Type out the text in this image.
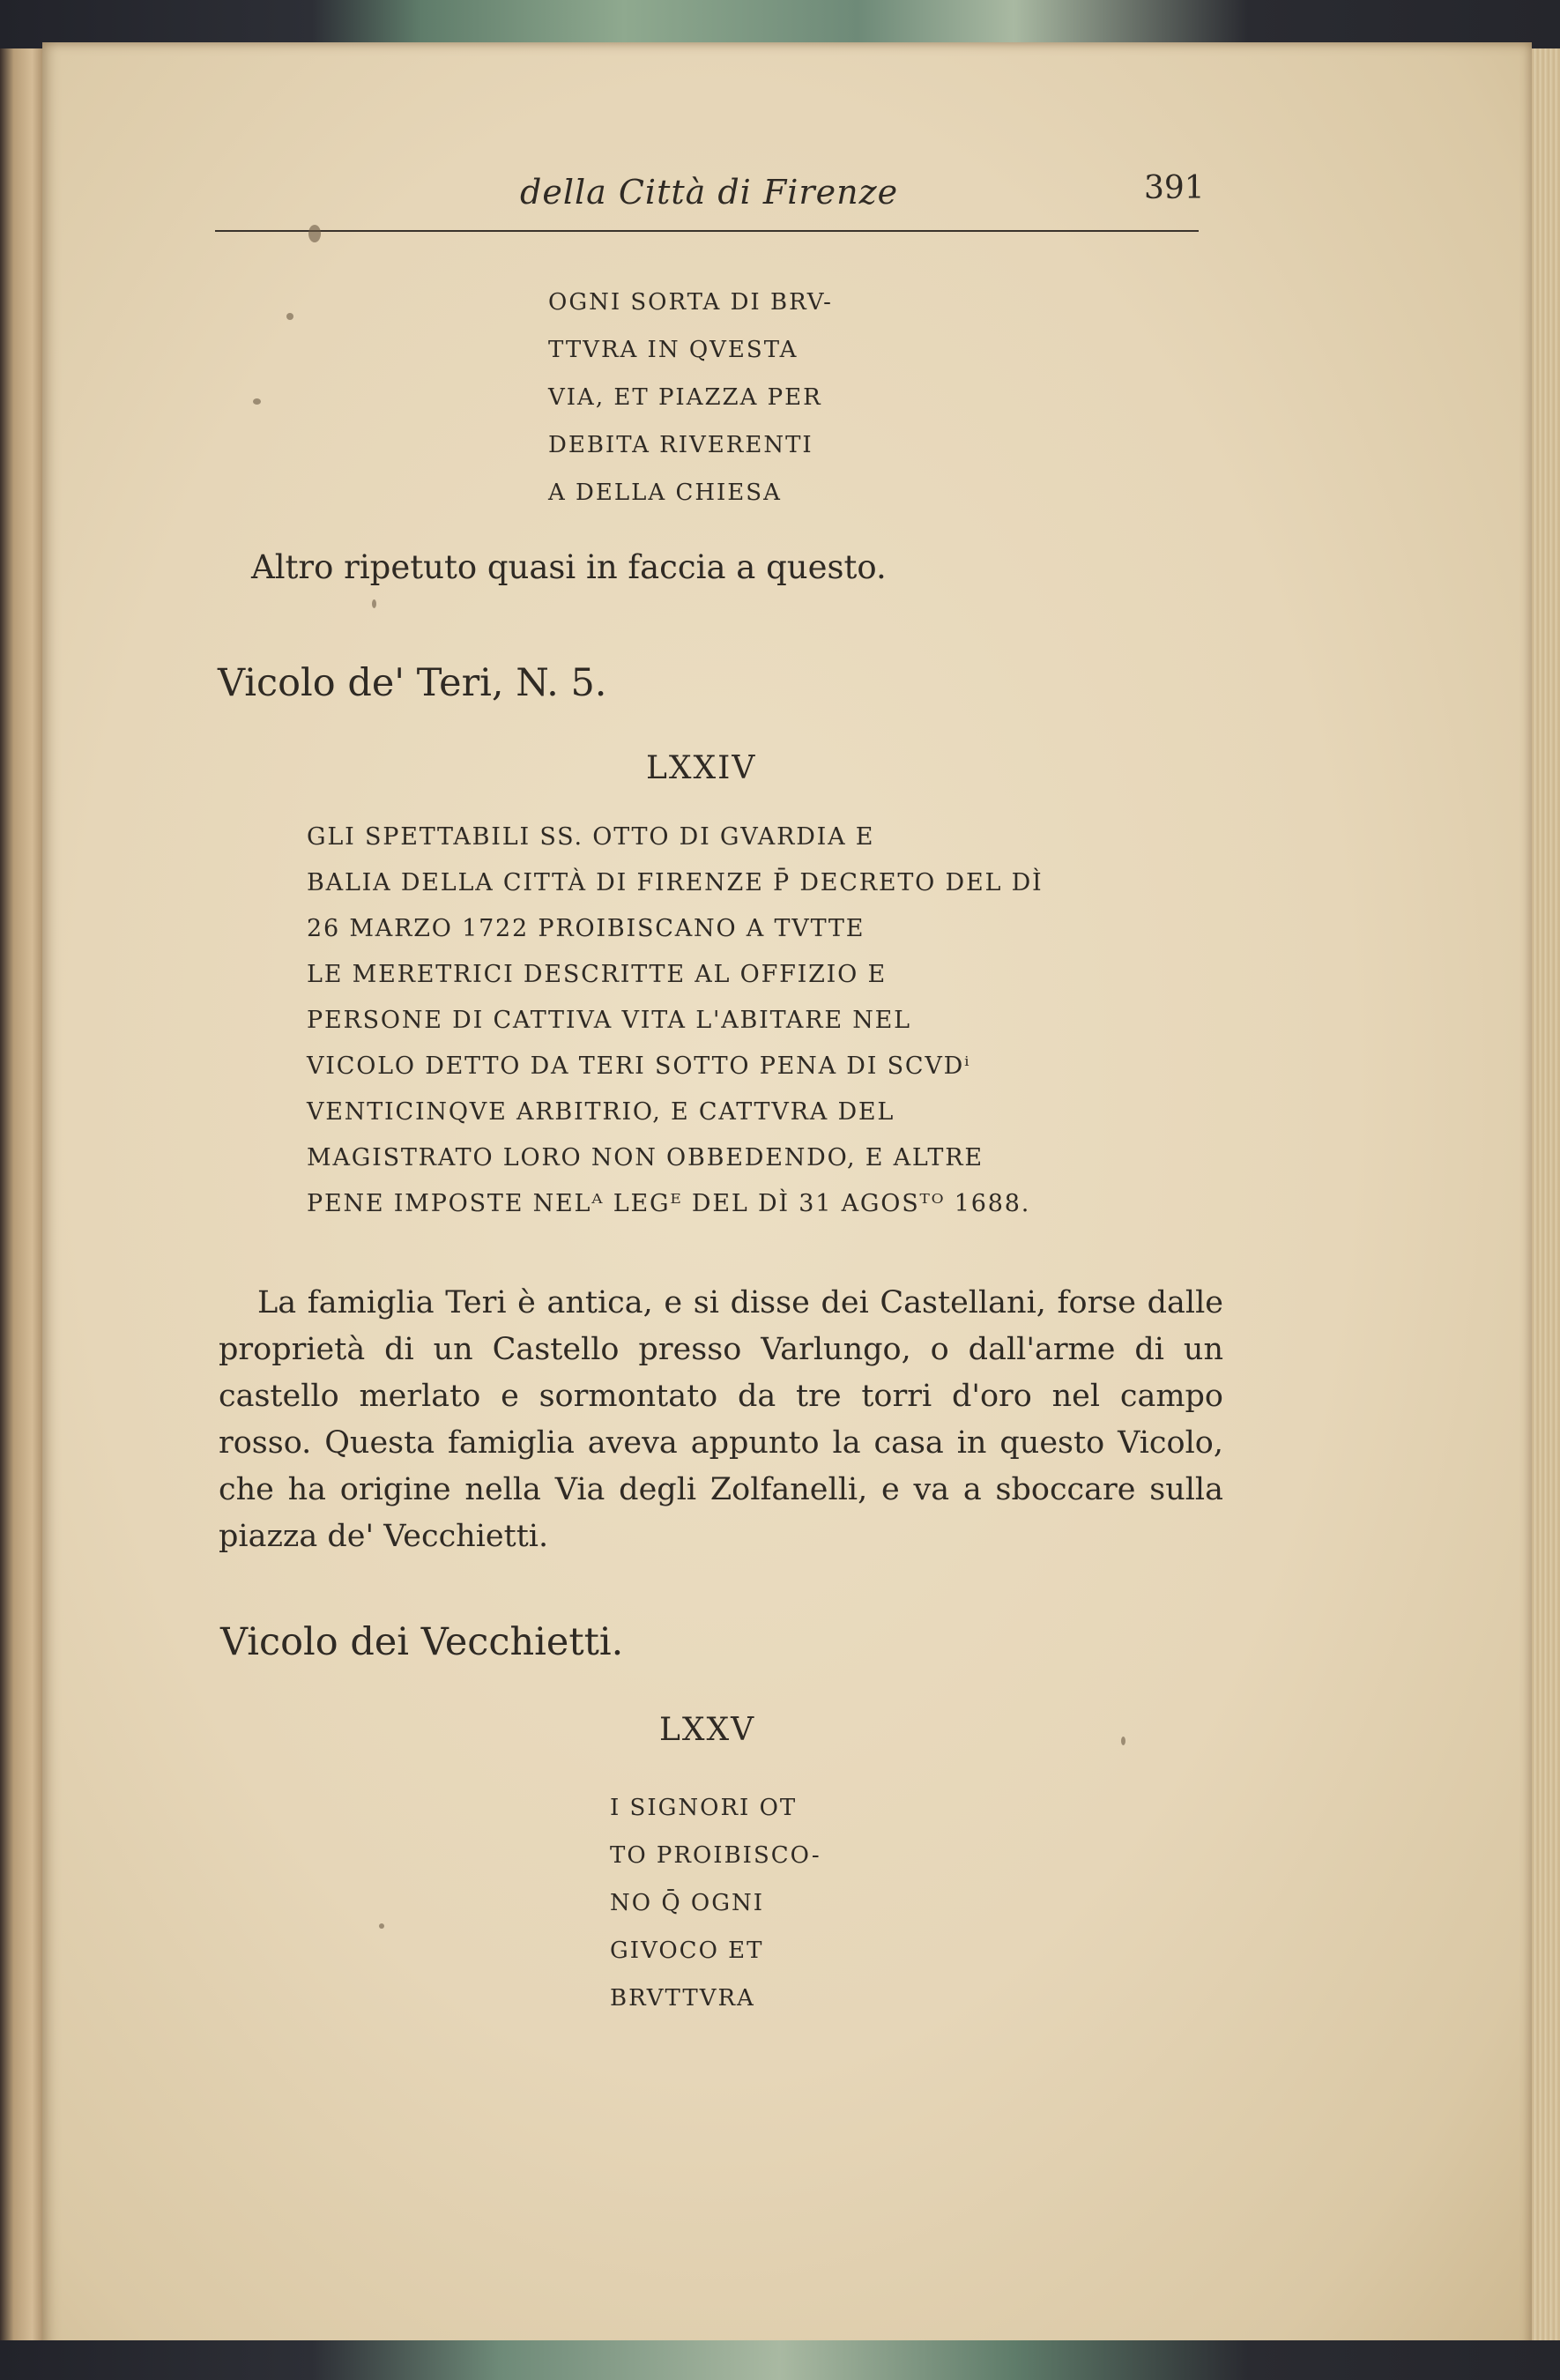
della Città di Firenze	391
OGNI SORTA DI BRV-
TTVRA IN QVESTA
VIA, ET PIAZZA PER
DEBITA RIVERENTI
A DELLA CHIESA
Altro ripetuto quasi in faccia a questo.
Vicolo de' Teri, N. 5.
LXXIV
GLI SPETTABILI SS. OTTO DI GVARDIA E
BALIA DELLA CITTÀ DI FIRENZE P̄ DECRETO DEL DÌ
26 MARZO 1722 PROIBISCANO A TVTTE
LE MERETRICI DESCRITTE AL OFFIZIO E
PERSONE DI CATTIVA VITA L'ABITARE NEL
VICOLO DETTO DA TERI SOTTO PENA DI SCVDⁱ
VENTICINQVE ARBITRIO, E CATTVRA DEL
MAGISTRATO LORO NON OBBEDENDO, E ALTRE
PENE IMPOSTE NELᴬ LEGᴱ DEL DÌ 31 AGOSᵀᴼ 1688.

La famiglia Teri è antica, e si disse dei Castellani, forse dalle proprietà di un Castello presso Varlungo, o dall'arme di un castello merlato e sormontato da tre torri d'oro nel campo rosso. Questa famiglia aveva appunto la casa in questo Vicolo, che ha origine nella Via degli Zolfanelli, e va a sboccare sulla piazza de' Vecchietti.

Vicolo dei Vecchietti.
LXXV
I SIGNORI OT
TO PROIBISCO-
NO Q̄ OGNI
GIVOCO ET
BRVTTVRA
